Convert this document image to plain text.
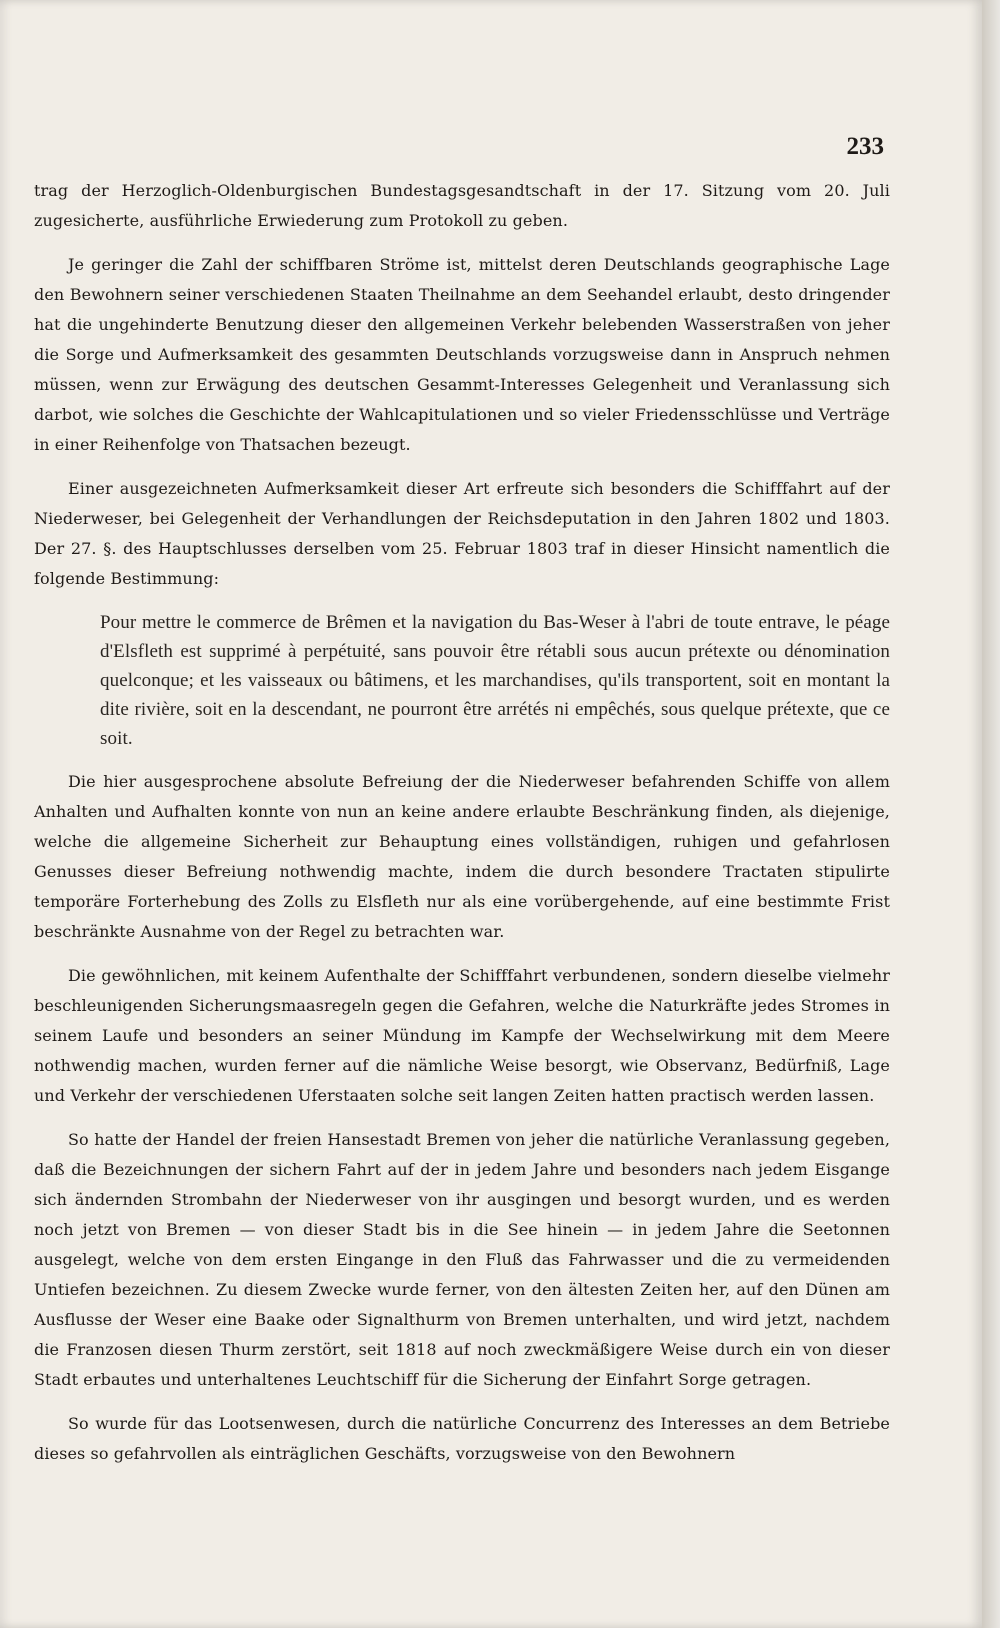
233

trag der Herzoglich-Oldenburgischen Bundestagsgesandtschaft in der 17. Sitzung vom 20. Juli zugesicherte, ausführliche Erwiederung zum Protokoll zu geben.

Je geringer die Zahl der schiffbaren Ströme ist, mittelst deren Deutschlands geographische Lage den Bewohnern seiner verschiedenen Staaten Theilnahme an dem Seehandel erlaubt, desto dringender hat die ungehinderte Benutzung dieser den allgemeinen Verkehr belebenden Wasserstraßen von jeher die Sorge und Aufmerksamkeit des gesammten Deutschlands vorzugsweise dann in Anspruch nehmen müssen, wenn zur Erwägung des deutschen Gesammt-Interesses Gelegenheit und Veranlassung sich darbot, wie solches die Geschichte der Wahlcapitulationen und so vieler Friedensschlüsse und Verträge in einer Reihenfolge von Thatsachen bezeugt.

Einer ausgezeichneten Aufmerksamkeit dieser Art erfreute sich besonders die Schifffahrt auf der Niederweser, bei Gelegenheit der Verhandlungen der Reichsdeputation in den Jahren 1802 und 1803. Der 27. §. des Hauptschlusses derselben vom 25. Februar 1803 traf in dieser Hinsicht namentlich die folgende Bestimmung:

Pour mettre le commerce de Brêmen et la navigation du Bas-Weser à l'abri de toute entrave, le péage d'Elsfleth est supprimé à perpétuité, sans pouvoir être rétabli sous aucun prétexte ou dénomination quelconque; et les vaisseaux ou bâtimens, et les marchandises, qu'ils transportent, soit en montant la dite rivière, soit en la descendant, ne pourront être arrétés ni empêchés, sous quelque prétexte, que ce soit.

Die hier ausgesprochene absolute Befreiung der die Niederweser befahrenden Schiffe von allem Anhalten und Aufhalten konnte von nun an keine andere erlaubte Beschränkung finden, als diejenige, welche die allgemeine Sicherheit zur Behauptung eines vollständigen, ruhigen und gefahrlosen Genusses dieser Befreiung nothwendig machte, indem die durch besondere Tractaten stipulirte temporäre Forterhebung des Zolls zu Elsfleth nur als eine vorübergehende, auf eine bestimmte Frist beschränkte Ausnahme von der Regel zu betrachten war.

Die gewöhnlichen, mit keinem Aufenthalte der Schifffahrt verbundenen, sondern dieselbe vielmehr beschleunigenden Sicherungsmaasregeln gegen die Gefahren, welche die Naturkräfte jedes Stromes in seinem Laufe und besonders an seiner Mündung im Kampfe der Wechselwirkung mit dem Meere nothwendig machen, wurden ferner auf die nämliche Weise besorgt, wie Observanz, Bedürfniß, Lage und Verkehr der verschiedenen Uferstaaten solche seit langen Zeiten hatten practisch werden lassen.

So hatte der Handel der freien Hansestadt Bremen von jeher die natürliche Veranlassung gegeben, daß die Bezeichnungen der sichern Fahrt auf der in jedem Jahre und besonders nach jedem Eisgange sich ändernden Strombahn der Niederweser von ihr ausgingen und besorgt wurden, und es werden noch jetzt von Bremen — von dieser Stadt bis in die See hinein — in jedem Jahre die Seetonnen ausgelegt, welche von dem ersten Eingange in den Fluß das Fahrwasser und die zu vermeidenden Untiefen bezeichnen. Zu diesem Zwecke wurde ferner, von den ältesten Zeiten her, auf den Dünen am Ausflusse der Weser eine Baake oder Signalthurm von Bremen unterhalten, und wird jetzt, nachdem die Franzosen diesen Thurm zerstört, seit 1818 auf noch zweckmäßigere Weise durch ein von dieser Stadt erbautes und unterhaltenes Leuchtschiff für die Sicherung der Einfahrt Sorge getragen.

So wurde für das Lootsenwesen, durch die natürliche Concurrenz des Interesses an dem Betriebe dieses so gefahrvollen als einträglichen Geschäfts, vorzugsweise von den Bewohnern
